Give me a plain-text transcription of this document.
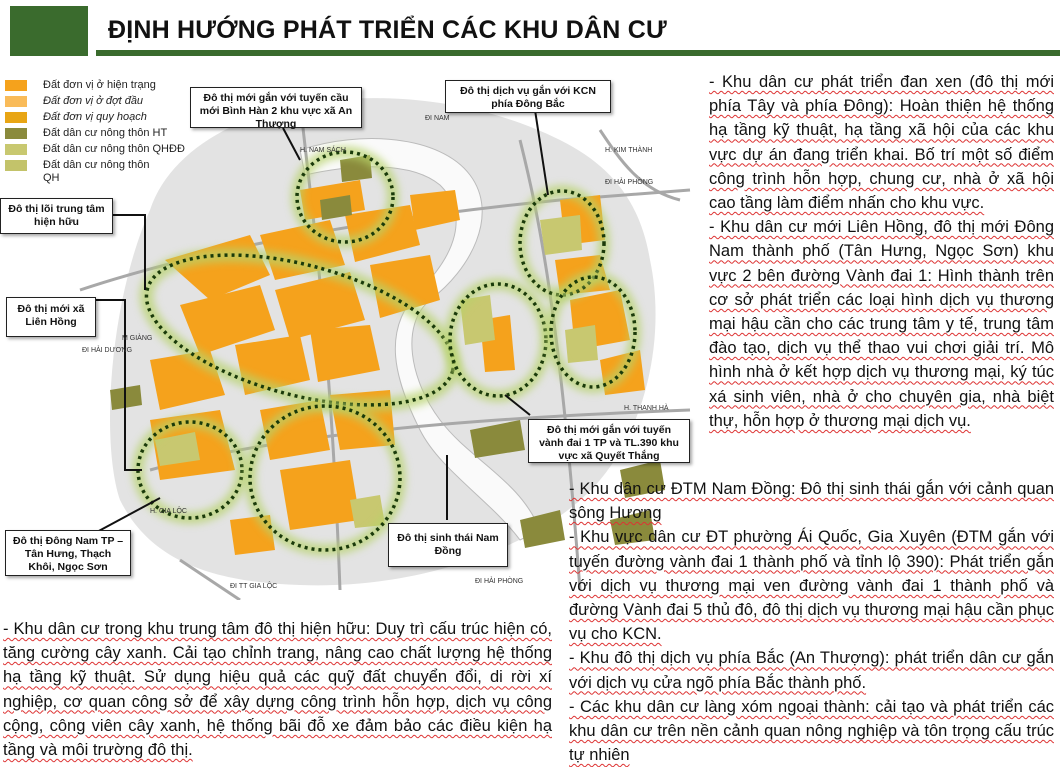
ĐỊNH HƯỚNG PHÁT TRIỂN CÁC KHU DÂN CƯ
H. NAM SÁCH
ĐI NAM
H. KIM THÀNH
ĐI HẢI PHÒNG
M GIÀNG
ĐI HẢI DƯƠNG
H. THANH HÀ
H. GIA LỘC
ĐI TT GIA LỘC
ĐI HẢI PHÒNG
Đất đơn vị ở hiện trạng
Đất đơn vị ở đợt đầu
Đất đơn vị quy hoạch
Đất dân cư nông thôn HT
Đất dân cư nông thôn QHĐĐ
Đất dân cư nông thôn QH
Đô thị mới gắn với tuyến cầu mới Bình Hàn 2 khu vực xã An Thượng
Đô thị dịch vụ gắn với KCN phía Đông Bắc
Đô thị lõi trung tâm hiện hữu
Đô thị mới xã Liên Hồng
Đô thị mới gắn với tuyến vành đai 1 TP và TL.390 khu vực xã Quyết Thắng
Đô thị Đông Nam TP –Tân Hưng, Thạch Khôi, Ngọc Sơn
Đô thị sinh thái Nam Đồng
- Khu dân cư phát triển đan xen (đô thị mới phía Tây và phía Đông): Hoàn thiện hệ thống hạ tầng kỹ thuật, hạ tầng xã hội của các khu vực dự án đang triển khai. Bố trí một số điểm công trình hỗn hợp, chung cư, nhà ở xã hội cao tầng làm điểm nhấn cho khu vực.
- Khu dân cư mới Liên Hồng, đô thị mới Đông Nam thành phố (Tân Hưng, Ngọc Sơn) khu vực 2 bên đường Vành đai 1: Hình thành trên cơ sở phát triển các loại hình dịch vụ thương mại hậu cần cho các trung tâm y tế, trung tâm đào tạo, dịch vụ thể thao vui chơi giải trí. Mô hình nhà ở kết hợp dịch vụ thương mại, ký túc xá sinh viên, nhà ở cho chuyên gia, nhà biệt thự, hỗn hợp ở thương mại dịch vụ.
- Khu dân cư ĐTM Nam Đồng: Đô thị sinh thái gắn với cảnh quan sông Hương
- Khu vực dân cư ĐT phường Ái Quốc, Gia Xuyên (ĐTM gắn với tuyến đường vành đai 1 thành phố và tỉnh lộ 390): Phát triển gắn với dịch vụ thương mại ven đường vành đai 1 thành phố và đường Vành đai 5 thủ đô, đô thị dịch vụ thương mại hậu cần phục vụ cho KCN.
- Khu đô thị dịch vụ phía Bắc (An Thượng): phát triển dân cư gắn với dịch vụ cửa ngõ phía Bắc thành phố.
- Các khu dân cư làng xóm ngoại thành: cải tạo và phát triển các khu dân cư trên nền cảnh quan nông nghiệp và tôn trọng cấu trúc tự nhiên
- Khu dân cư trong khu trung tâm đô thị hiện hữu: Duy trì cấu trúc hiện có, tăng cường cây xanh. Cải tạo chỉnh trang, nâng cao chất lượng hệ thống hạ tầng kỹ thuật. Sử dụng hiệu quả các quỹ đất chuyển đổi, di rời xí nghiệp, cơ quan công sở để xây dựng công trình hỗn hợp, dịch vụ công cộng, công viên cây xanh, hệ thống bãi đỗ xe đảm bảo các điều kiện hạ tầng và môi trường đô thị.
